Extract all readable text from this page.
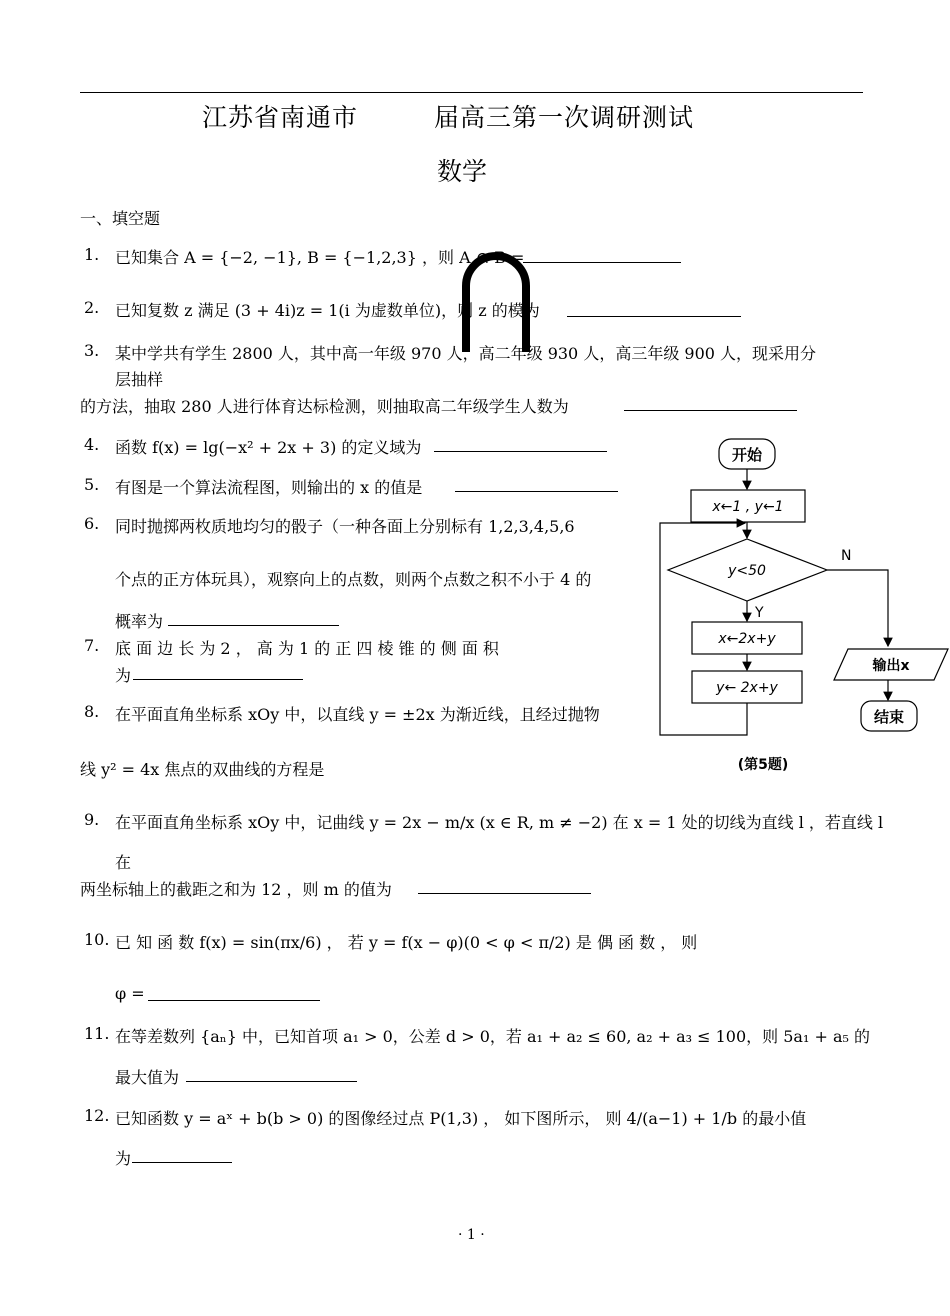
江苏省南通市	届高三第一次调研测试
数学
一、填空题
1. 已知集合 A = {−2, −1}, B = {−1,2,3} ，则 A ∩ B =
2. 已知复数 z 满足 (3 + 4i)z = 1(i 为虚数单位)，则 z 的模为
3. 某中学共有学生 2800 人，其中高一年级 970 人，高二年级 930 人，高三年级 900 人，现采用分
层抽样
的方法，抽取 280 人进行体育达标检测，则抽取高二年级学生人数为
4. 函数 f(x) = lg(−x² + 2x + 3) 的定义域为
5. 有图是一个算法流程图，则输出的 x 的值是
6. 同时抛掷两枚质地均匀的骰子（一种各面上分别标有 1,2,3,4,5,6
个点的正方体玩具），观察向上的点数，则两个点数之积不小于 4 的
概率为
7. 底 面 边 长 为 2 ， 高 为 1 的 正 四 棱 锥 的 侧 面 积
为
8. 在平面直角坐标系 xOy 中，以直线 y = ±2x 为渐近线，且经过抛物
线 y² = 4x 焦点的双曲线的方程是
开始
x←1 , y←1
y<50
N
Y
x←2x+y
y← 2x+y
输出x
结束
(第5题)
9. 在平面直角坐标系 xOy 中，记曲线 y = 2x − m/x (x ∈ R, m ≠ −2) 在 x = 1 处的切线为直线 l ，若直线 l
在
两坐标轴上的截距之和为 12 ，则 m 的值为
10. 已 知 函 数 f(x) = sin(πx/6) ， 若 y = f(x − φ)(0 < φ < π/2) 是 偶 函 数 ， 则
φ =
11. 在等差数列 {aₙ} 中，已知首项 a₁ > 0，公差 d > 0，若 a₁ + a₂ ≤ 60, a₂ + a₃ ≤ 100，则 5a₁ + a₅ 的
最大值为
12. 已知函数 y = aˣ + b(b > 0) 的图像经过点 P(1,3) ， 如下图所示， 则 4/(a−1) + 1/b 的最小值
为
· 1 ·
